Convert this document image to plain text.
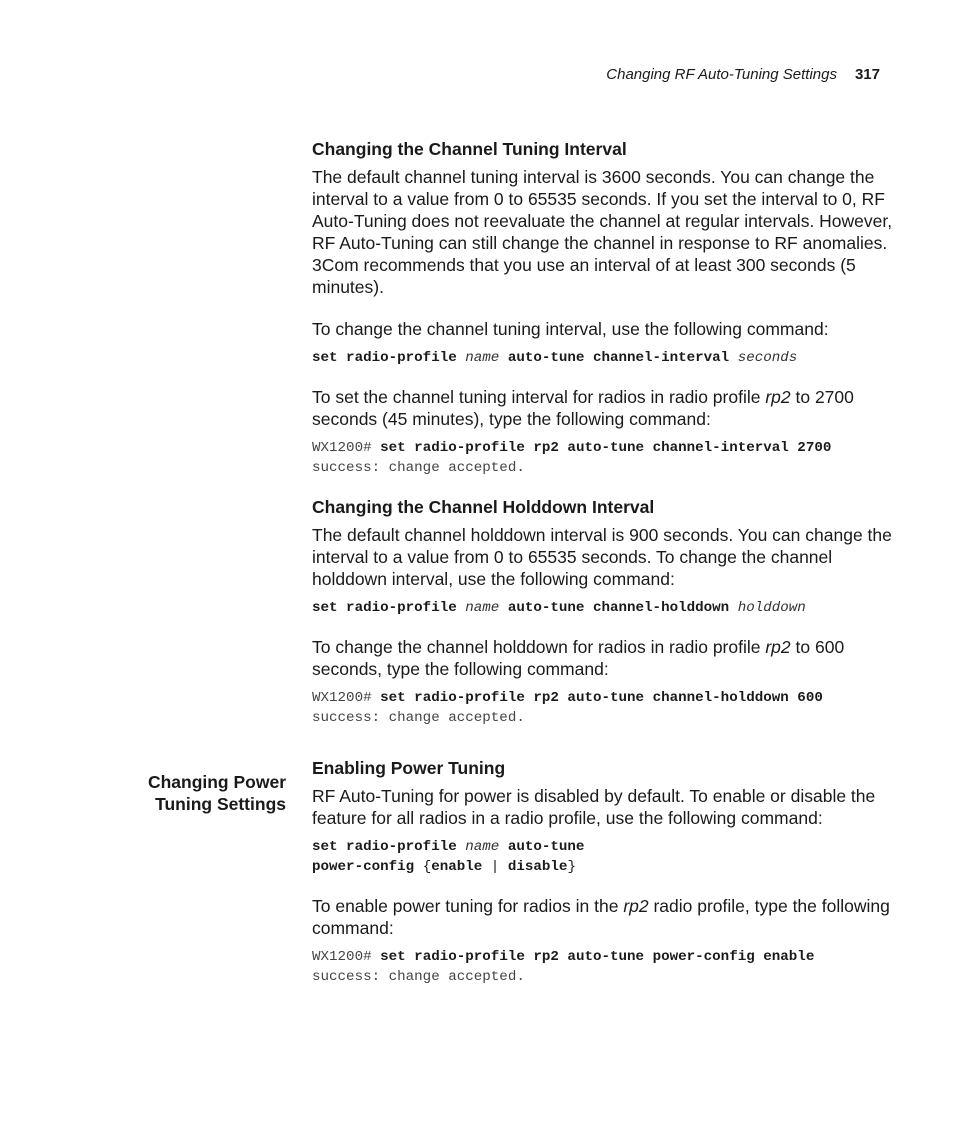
Changing RF Auto-Tuning Settings 317
Changing Power
Tuning Settings
Changing the Channel Tuning Interval

The default channel tuning interval is 3600 seconds. You can change the interval to a value from 0 to 65535 seconds. If you set the interval to 0, RF Auto-Tuning does not reevaluate the channel at regular intervals. However, RF Auto-Tuning can still change the channel in response to RF anomalies. 3Com recommends that you use an interval of at least 300 seconds (5 minutes).

To change the channel tuning interval, use the following command:

set radio-profile name auto-tune channel-interval seconds

To set the channel tuning interval for radios in radio profile rp2 to 2700 seconds (45 minutes), type the following command:

WX1200# set radio-profile rp2 auto-tune channel-interval 2700
success: change accepted.
Changing the Channel Holddown Interval

The default channel holddown interval is 900 seconds. You can change the interval to a value from 0 to 65535 seconds. To change the channel holddown interval, use the following command:

set radio-profile name auto-tune channel-holddown holddown

To change the channel holddown for radios in radio profile rp2 to 600 seconds, type the following command:

WX1200# set radio-profile rp2 auto-tune channel-holddown 600
success: change accepted.
Enabling Power Tuning

RF Auto-Tuning for power is disabled by default. To enable or disable the feature for all radios in a radio profile, use the following command:

set radio-profile name auto-tune
power-config {enable | disable}

To enable power tuning for radios in the rp2 radio profile, type the following command:

WX1200# set radio-profile rp2 auto-tune power-config enable
success: change accepted.
